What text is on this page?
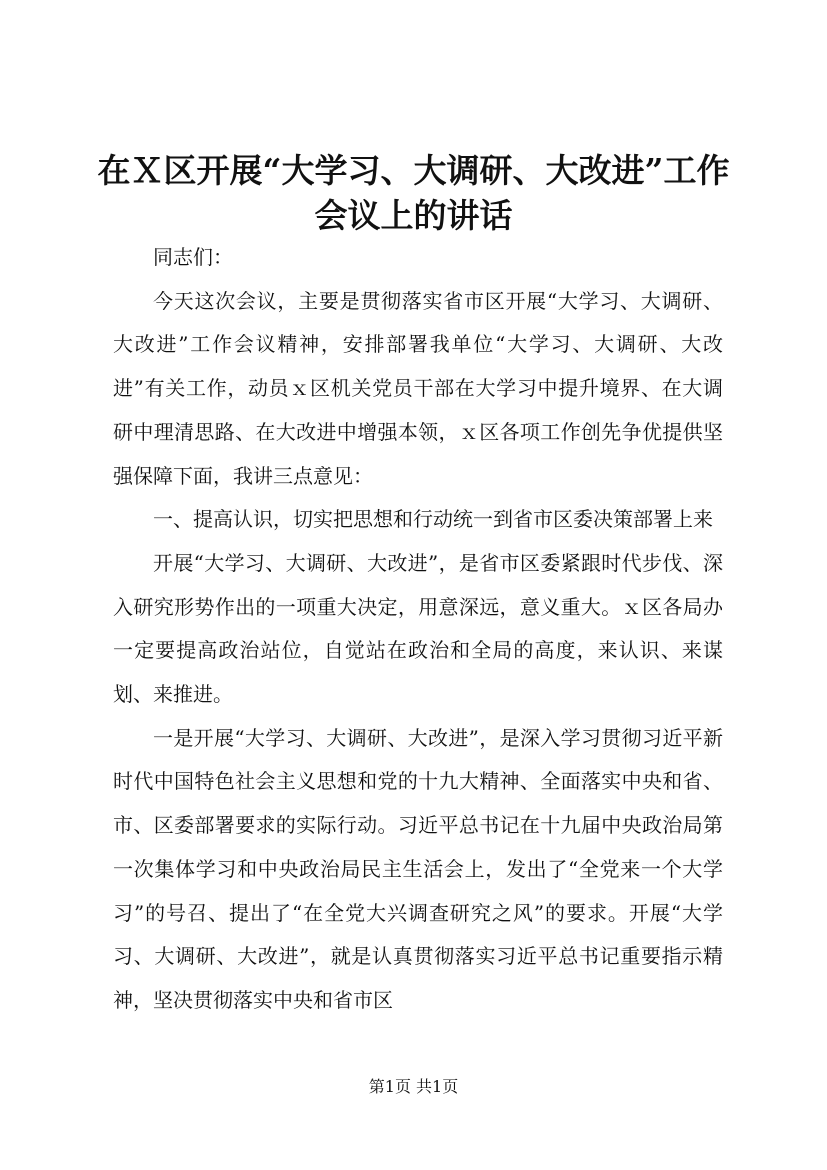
在Ｘ区开展“大学习、大调研、大改进”工作
会议上的讲话

同志们：

今天这次会议，主要是贯彻落实省市区开展“大学习、大调研、大改进”工作会议精神，安排部署我单位“大学习、大调研、大改进”有关工作，动员ｘ区机关党员干部在大学习中提升境界、在大调研中理清思路、在大改进中增强本领，ｘ区各项工作创先争优提供坚强保障下面，我讲三点意见：

一、提高认识，切实把思想和行动统一到省市区委决策部署上来

开展“大学习、大调研、大改进”，是省市区委紧跟时代步伐、深入研究形势作出的一项重大决定，用意深远，意义重大。ｘ区各局办一定要提高政治站位，自觉站在政治和全局的高度，来认识、来谋划、来推进。

一是开展“大学习、大调研、大改进”，是深入学习贯彻习近平新时代中国特色社会主义思想和党的十九大精神、全面落实中央和省、市、区委部署要求的实际行动。习近平总书记在十九届中央政治局第一次集体学习和中央政治局民主生活会上，发出了“全党来一个大学习”的号召、提出了“在全党大兴调查研究之风”的要求。开展“大学习、大调研、大改进”，就是认真贯彻落实习近平总书记重要指示精神，坚决贯彻落实中央和省市区

第1页 共1页
